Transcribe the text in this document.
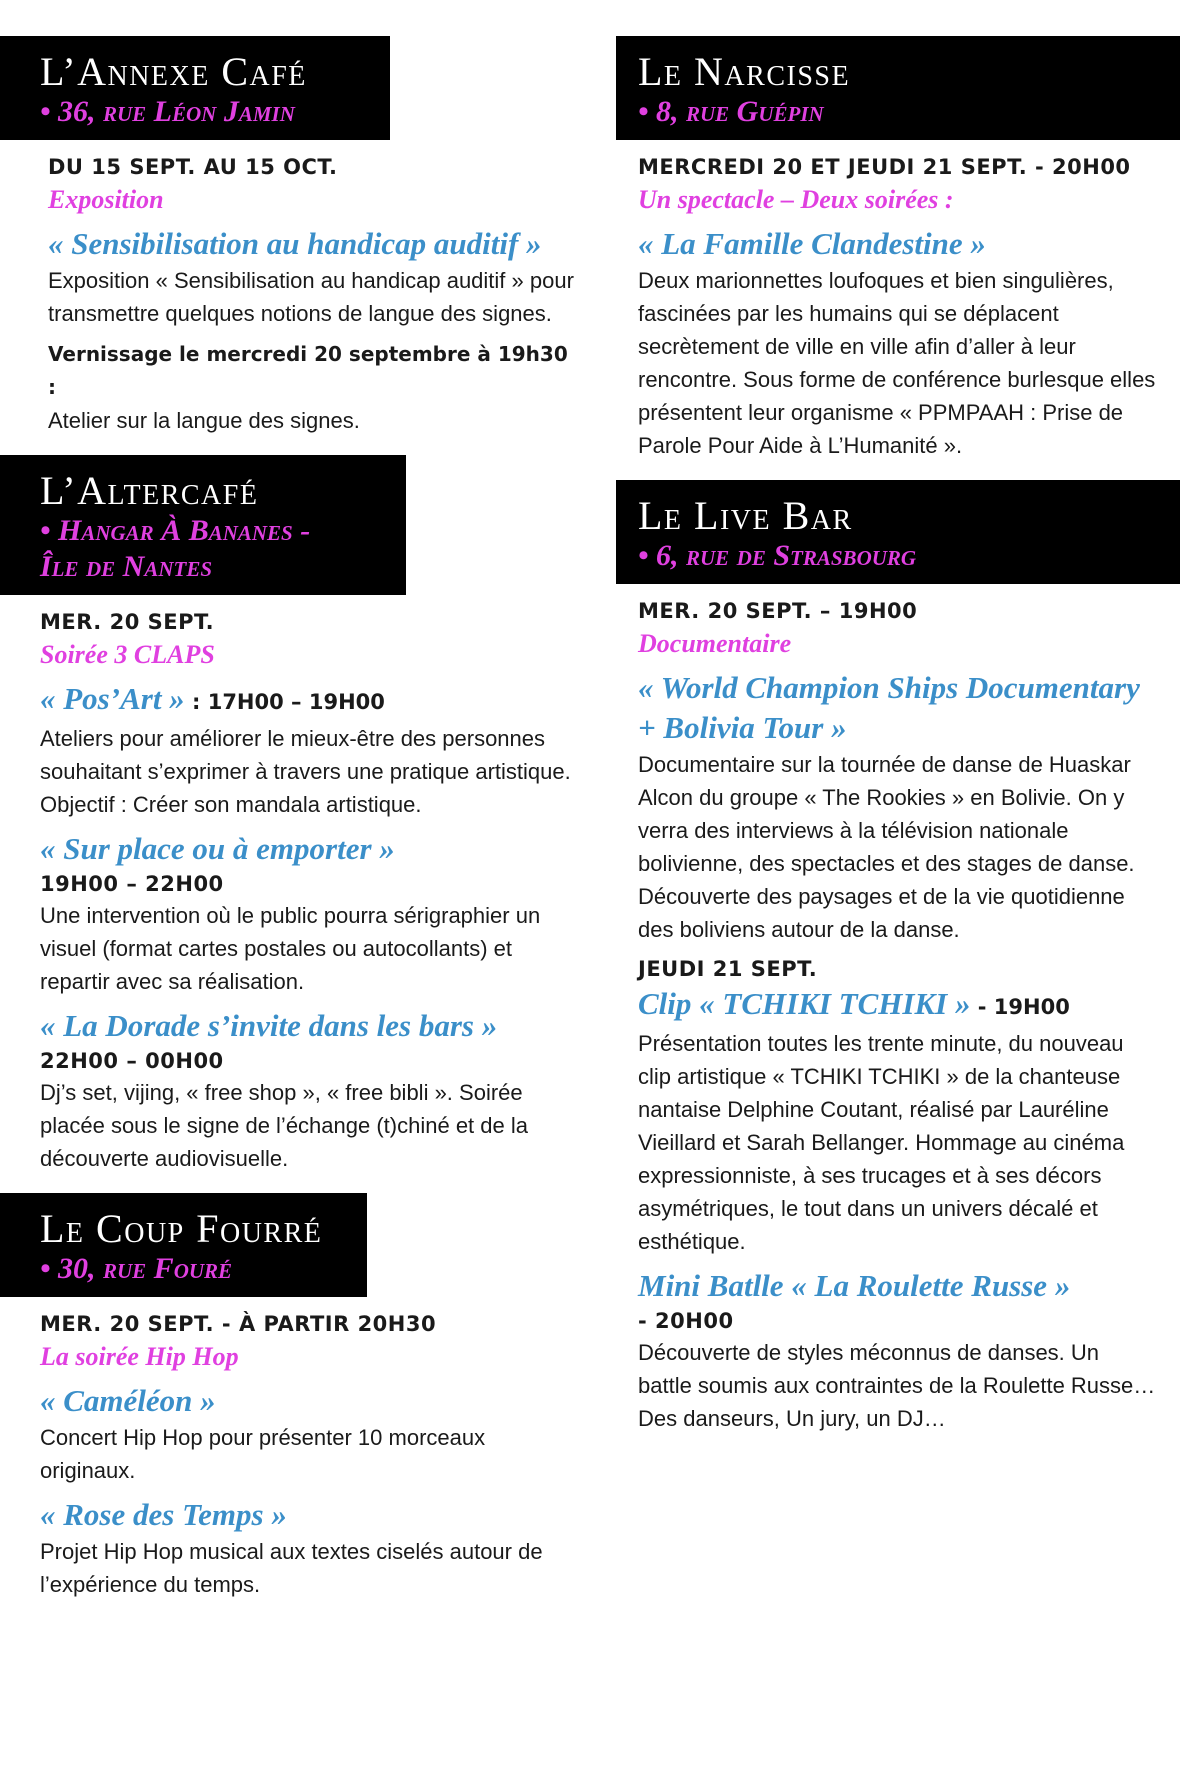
L’Annexe Café
• 36, rue Léon Jamin

DU 15 SEPT. AU 15 OCT.

Exposition

« Sensibilisation au handicap auditif »

Exposition « Sensibilisation au handicap auditif » pour transmettre quelques notions de langue des signes.

Vernissage le mercredi 20 septembre à 19h30 :

Atelier sur la langue des signes.

L’Altercafé
• Hangar À Bananes -
Île de Nantes

MER. 20 SEPT.

Soirée 3 CLAPS

« Pos’Art » : 17H00 – 19H00

Ateliers pour améliorer le mieux-être des personnes souhaitant s’exprimer à travers une pratique artistique. Objectif : Créer son mandala artistique.

« Sur place ou à emporter »

19H00 – 22H00

Une intervention où le public pourra sérigraphier un visuel (format cartes postales ou autocollants) et repartir avec sa réalisation.

« La Dorade s’invite dans les bars »

22H00 – 00H00

Dj’s set, vijing, « free shop », « free bibli ». Soirée placée sous le signe de l’échange (t)chiné et de la découverte audiovisuelle.

Le Coup Fourré
• 30, rue Fouré

MER. 20 SEPT. - À PARTIR 20H30

La soirée Hip Hop

« Caméléon »

Concert Hip Hop pour présenter 10 morceaux originaux.

« Rose des Temps »

Projet Hip Hop musical aux textes ciselés autour de l’expérience du temps.

Le Narcisse
• 8, rue Guépin

MERCREDI 20 ET JEUDI 21 SEPT. - 20H00

Un spectacle – Deux soirées :

« La Famille Clandestine »

Deux marionnettes loufoques et bien singulières, fascinées par les humains qui se déplacent secrètement de ville en ville afin d’aller à leur rencontre. Sous forme de conférence burlesque elles présentent leur organisme « PPMPAAH : Prise de Parole Pour Aide à L’Humanité ».

Le Live Bar
• 6, rue de Strasbourg

MER. 20 SEPT. – 19H00

Documentaire

« World Champion Ships Documentary + Bolivia Tour »

Documentaire sur la tournée de danse de Huaskar Alcon du groupe « The Rookies » en Bolivie. On y verra des interviews à la télévision nationale bolivienne, des spectacles et des stages de danse. Découverte des paysages et de la vie quotidienne des boliviens autour de la danse.

JEUDI 21 SEPT.

Clip « TCHIKI TCHIKI » - 19H00

Présentation toutes les trente minute, du nouveau clip artistique « TCHIKI TCHIKI » de la chanteuse nantaise Delphine Coutant, réalisé par Lauréline Vieillard et Sarah Bellanger. Hommage au cinéma expressionniste, à ses trucages et à ses décors asymétriques, le tout dans un univers décalé et esthétique.

Mini Batlle « La Roulette Russe »

- 20H00

Découverte de styles méconnus de danses. Un battle soumis aux contraintes de la Roulette Russe…

Des danseurs, Un jury, un DJ…
